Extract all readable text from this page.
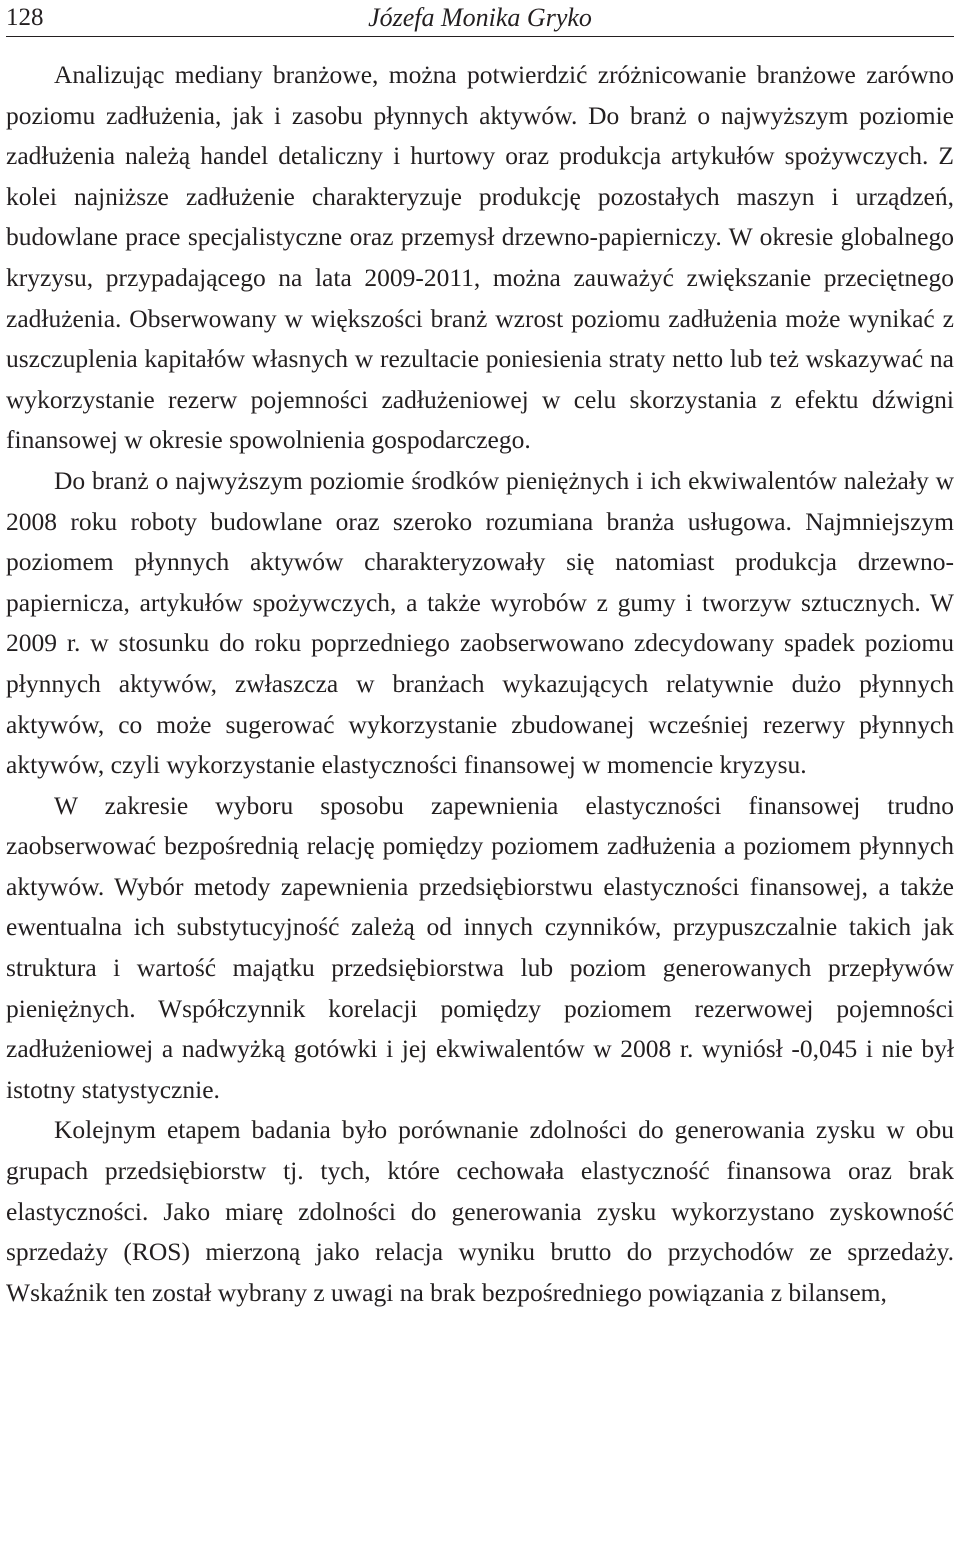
128	Józefa Monika Gryko

Analizując mediany branżowe, można potwierdzić zróżnicowanie branżowe zarówno poziomu zadłużenia, jak i zasobu płynnych aktywów. Do branż o najwyższym poziomie zadłużenia należą handel detaliczny i hurtowy oraz produkcja artykułów spożywczych. Z kolei najniższe zadłużenie charakteryzuje produkcję pozostałych maszyn i urządzeń, budowlane prace specjalistyczne oraz przemysł drzewno-papierniczy. W okresie globalnego kryzysu, przypadającego na lata 2009-2011, można zauważyć zwiększanie przeciętnego zadłużenia. Obserwowany w większości branż wzrost poziomu zadłużenia może wynikać z uszczuplenia kapitałów własnych w rezultacie poniesienia straty netto lub też wskazywać na wykorzystanie rezerw pojemności zadłużeniowej w celu skorzystania z efektu dźwigni finansowej w okresie spowolnienia gospodarczego.

Do branż o najwyższym poziomie środków pieniężnych i ich ekwiwalentów należały w 2008 roku roboty budowlane oraz szeroko rozumiana branża usługowa. Najmniejszym poziomem płynnych aktywów charakteryzowały się natomiast produkcja drzewno-papiernicza, artykułów spożywczych, a także wyrobów z gumy i tworzyw sztucznych. W 2009 r. w stosunku do roku poprzedniego zaobserwowano zdecydowany spadek poziomu płynnych aktywów, zwłaszcza w branżach wykazujących relatywnie dużo płynnych aktywów, co może sugerować wykorzystanie zbudowanej wcześniej rezerwy płynnych aktywów, czyli wykorzystanie elastyczności finansowej w momencie kryzysu.

W zakresie wyboru sposobu zapewnienia elastyczności finansowej trudno zaobserwować bezpośrednią relację pomiędzy poziomem zadłużenia a poziomem płynnych aktywów. Wybór metody zapewnienia przedsiębiorstwu elastyczności finansowej, a także ewentualna ich substytucyjność zależą od innych czynników, przypuszczalnie takich jak struktura i wartość majątku przedsiębiorstwa lub poziom generowanych przepływów pieniężnych. Współczynnik korelacji pomiędzy poziomem rezerwowej pojemności zadłużeniowej a nadwyżką gotówki i jej ekwiwalentów w 2008 r. wyniósł -0,045 i nie był istotny statystycznie.

Kolejnym etapem badania było porównanie zdolności do generowania zysku w obu grupach przedsiębiorstw tj. tych, które cechowała elastyczność finansowa oraz brak elastyczności. Jako miarę zdolności do generowania zysku wykorzystano zyskowność sprzedaży (ROS) mierzoną jako relacja wyniku brutto do przychodów ze sprzedaży. Wskaźnik ten został wybrany z uwagi na brak bezpośredniego powiązania z bilansem,
